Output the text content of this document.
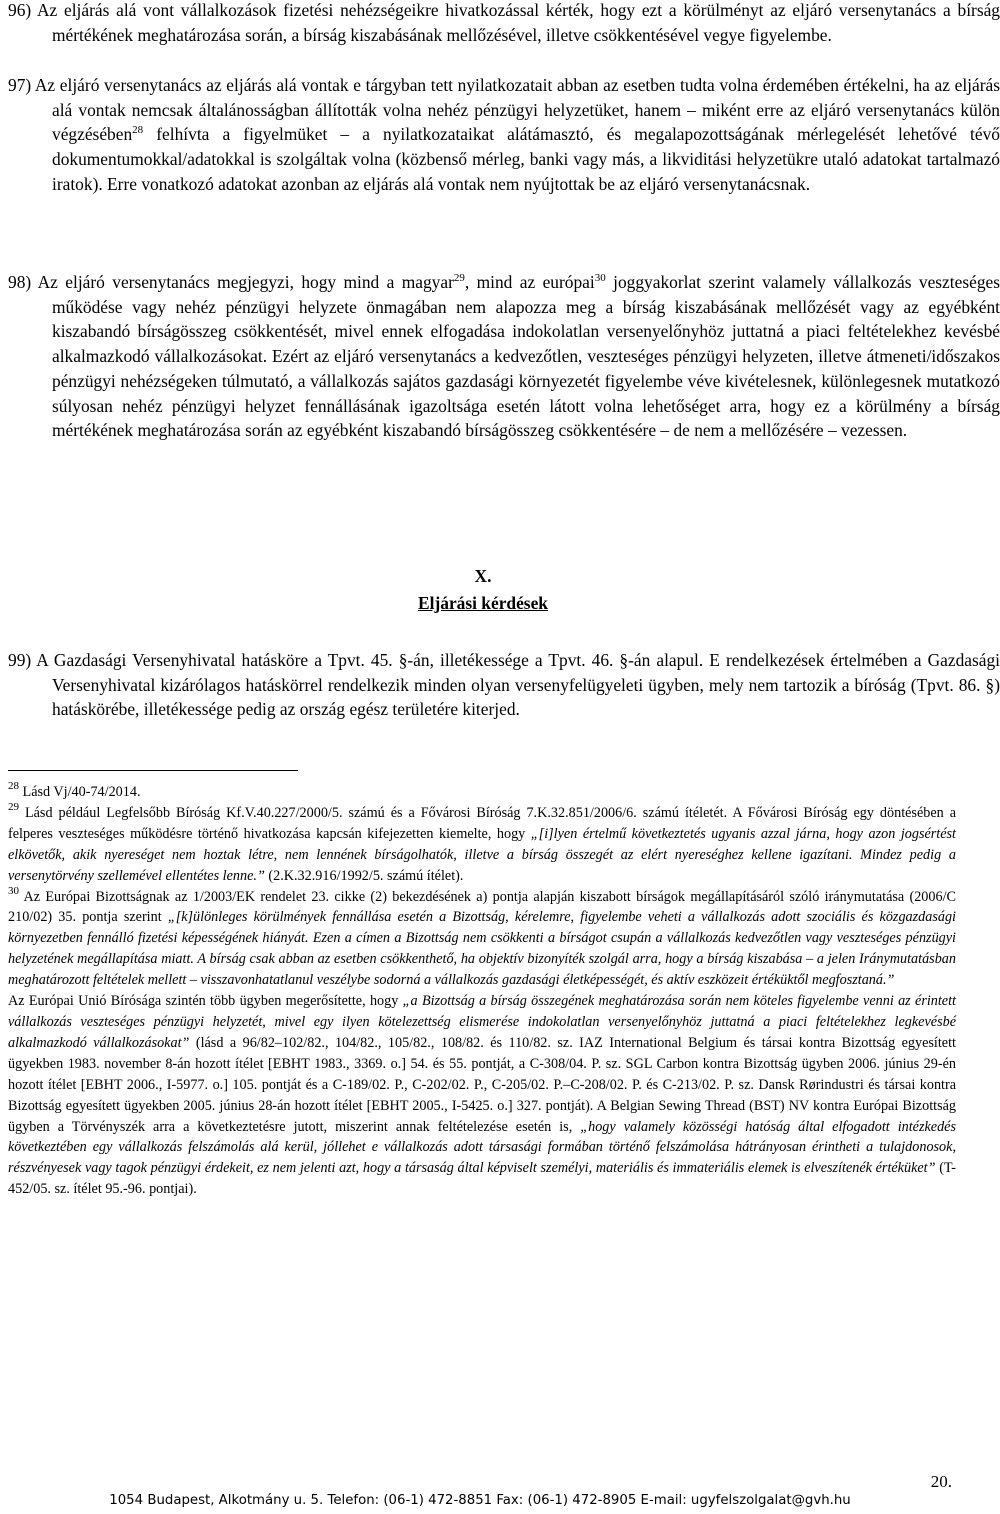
96) Az eljárás alá vont vállalkozások fizetési nehézségeikre hivatkozással kérték, hogy ezt a körülményt az eljáró versenytanács a bírság mértékének meghatározása során, a bírság kiszabásának mellőzésével, illetve csökkentésével vegye figyelembe.

97) Az eljáró versenytanács az eljárás alá vontak e tárgyban tett nyilatkozatait abban az esetben tudta volna érdemében értékelni, ha az eljárás alá vontak nemcsak általánosságban állították volna nehéz pénzügyi helyzetüket, hanem – miként erre az eljáró versenytanács külön végzésében$^{28}$ felhívta a figyelmüket – a nyilatkozataikat alátámasztó, és megalapozottságának mérlegelését lehetővé tévő dokumentumokkal/adatokkal is szolgáltak volna (közbenső mérleg, banki vagy más, a likviditási helyzetükre utaló adatokat tartalmazó iratok). Erre vonatkozó adatokat azonban az eljárás alá vontak nem nyújtottak be az eljáró versenytanácsnak.

98) Az eljáró versenytanács megjegyzi, hogy mind a magyar$^{29}$, mind az európai$^{30}$ joggyakorlat szerint valamely vállalkozás veszteséges működése vagy nehéz pénzügyi helyzete önmagában nem alapozza meg a bírság kiszabásának mellőzését vagy az egyébként kiszabandó bírságösszeg csökkentését, mivel ennek elfogadása indokolatlan versenyelőnyhöz juttatná a piaci feltételekhez kevésbé alkalmazkodó vállalkozásokat. Ezért az eljáró versenytanács a kedvezőtlen, veszteséges pénzügyi helyzeten, illetve átmeneti/időszakos pénzügyi nehézségeken túlmutató, a vállalkozás sajátos gazdasági környezetét figyelembe véve kivételesnek, különlegesnek mutatkozó súlyosan nehéz pénzügyi helyzet fennállásának igazoltsága esetén látott volna lehetőséget arra, hogy ez a körülmény a bírság mértékének meghatározása során az egyébként kiszabandó bírságösszeg csökkentésére – de nem a mellőzésére – vezessen.

X.
Eljárási kérdések

99) A Gazdasági Versenyhivatal hatásköre a Tpvt. 45. §-án, illetékessége a Tpvt. 46. §-án alapul. E rendelkezések értelmében a Gazdasági Versenyhivatal kizárólagos hatáskörrel rendelkezik minden olyan versenyfelügyeleti ügyben, mely nem tartozik a bíróság (Tpvt. 86. §) hatáskörébe, illetékessége pedig az ország egész területére kiterjed.

$^{28}$ Lásd Vj/40-74/2014.

$^{29}$ Lásd például Legfelsőbb Bíróság Kf.V.40.227/2000/5. számú és a Fővárosi Bíróság 7.K.32.851/2006/6. számú ítéletét. A Fővárosi Bíróság egy döntésében a felperes veszteséges működésre történő hivatkozása kapcsán kifejezetten kiemelte, hogy „[i]lyen értelmű következtetés ugyanis azzal járna, hogy azon jogsértést elkövetők, akik nyereséget nem hoztak létre, nem lennének bírságolhatók, illetve a bírság összegét az elért nyereséghez kellene igazítani. Mindez pedig a versenytörvény szellemével ellentétes lenne.” (2.K.32.916/1992/5. számú ítélet).

$^{30}$ Az Európai Bizottságnak az 1/2003/EK rendelet 23. cikke (2) bekezdésének a) pontja alapján kiszabott bírságok megállapításáról szóló iránymutatása (2006/C 210/02) 35. pontja szerint „[k]ülönleges körülmények fennállása esetén a Bizottság, kérelemre, figyelembe veheti a vállalkozás adott szociális és közgazdasági környezetben fennálló fizetési képességének hiányát. Ezen a címen a Bizottság nem csökkenti a bírságot csupán a vállalkozás kedvezőtlen vagy veszteséges pénzügyi helyzetének megállapítása miatt. A bírság csak abban az esetben csökkenthető, ha objektív bizonyíték szolgál arra, hogy a bírság kiszabása – a jelen Iránymutatásban meghatározott feltételek mellett – visszavonhatatlanul veszélybe sodorná a vállalkozás gazdasági életképességét, és aktív eszközeit értéküktől megfosztaná.”

Az Európai Unió Bírósága szintén több ügyben megerősítette, hogy „a Bizottság a bírság összegének meghatározása során nem köteles figyelembe venni az érintett vállalkozás veszteséges pénzügyi helyzetét, mivel egy ilyen kötelezettség elismerése indokolatlan versenyelőnyhöz juttatná a piaci feltételekhez legkevésbé alkalmazkodó vállalkozásokat” (lásd a 96/82–102/82., 104/82., 105/82., 108/82. és 110/82. sz. IAZ International Belgium és társai kontra Bizottság egyesített ügyekben 1983. november 8-án hozott ítélet [EBHT 1983., 3369. o.] 54. és 55. pontját, a C-308/04. P. sz. SGL Carbon kontra Bizottság ügyben 2006. június 29-én hozott ítélet [EBHT 2006., I-5977. o.] 105. pontját és a C-189/02. P., C-202/02. P., C-205/02. P.–C-208/02. P. és C-213/02. P. sz. Dansk Rørindustri és társai kontra Bizottság egyesített ügyekben 2005. június 28-án hozott ítélet [EBHT 2005., I-5425. o.] 327. pontját). A Belgian Sewing Thread (BST) NV kontra Európai Bizottság ügyben a Törvényszék arra a következtetésre jutott, miszerint annak feltételezése esetén is, „hogy valamely közösségi hatóság által elfogadott intézkedés következtében egy vállalkozás felszámolás alá kerül, jóllehet e vállalkozás adott társasági formában történő felszámolása hátrányosan érintheti a tulajdonosok, részvényesek vagy tagok pénzügyi érdekeit, ez nem jelenti azt, hogy a társaság által képviselt személyi, materiális és immateriális elemek is elveszítenék értéküket” (T-452/05. sz. ítélet 95.-96. pontjai).

20.
1054 Budapest, Alkotmány u. 5. Telefon: (06-1) 472-8851 Fax: (06-1) 472-8905 E-mail: ugyfelszolgalat@gvh.hu
